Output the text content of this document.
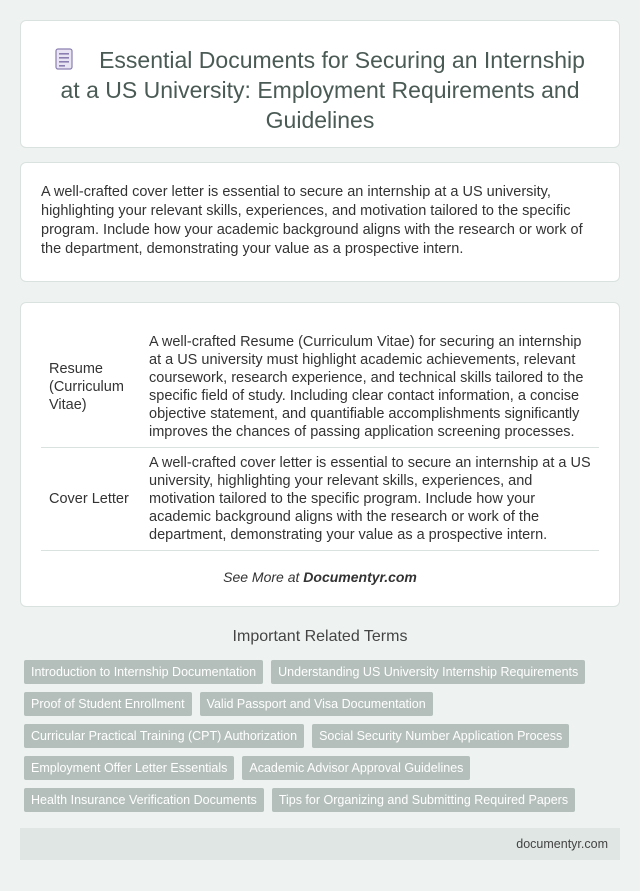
Essential Documents for Securing an Internship at a US University: Employment Requirements and Guidelines

A well-crafted cover letter is essential to secure an internship at a US university, highlighting your relevant skills, experiences, and motivation tailored to the specific program. Include how your academic background aligns with the research or work of the department, demonstrating your value as a prospective intern.

Resume (Curriculum Vitae)	A well-crafted Resume (Curriculum Vitae) for securing an internship at a US university must highlight academic achievements, relevant coursework, research experience, and technical skills tailored to the specific field of study. Including clear contact information, a concise objective statement, and quantifiable accomplishments significantly improves the chances of passing application screening processes.
Cover Letter	A well-crafted cover letter is essential to secure an internship at a US university, highlighting your relevant skills, experiences, and motivation tailored to the specific program. Include how your academic background aligns with the research or work of the department, demonstrating your value as a prospective intern.
See More at Documentyr.com
Important Related Terms
Introduction to Internship Documentation	Understanding US University Internship Requirements
Proof of Student Enrollment	Valid Passport and Visa Documentation
Curricular Practical Training (CPT) Authorization	Social Security Number Application Process
Employment Offer Letter Essentials	Academic Advisor Approval Guidelines
Health Insurance Verification Documents	Tips for Organizing and Submitting Required Papers
documentyr.com
